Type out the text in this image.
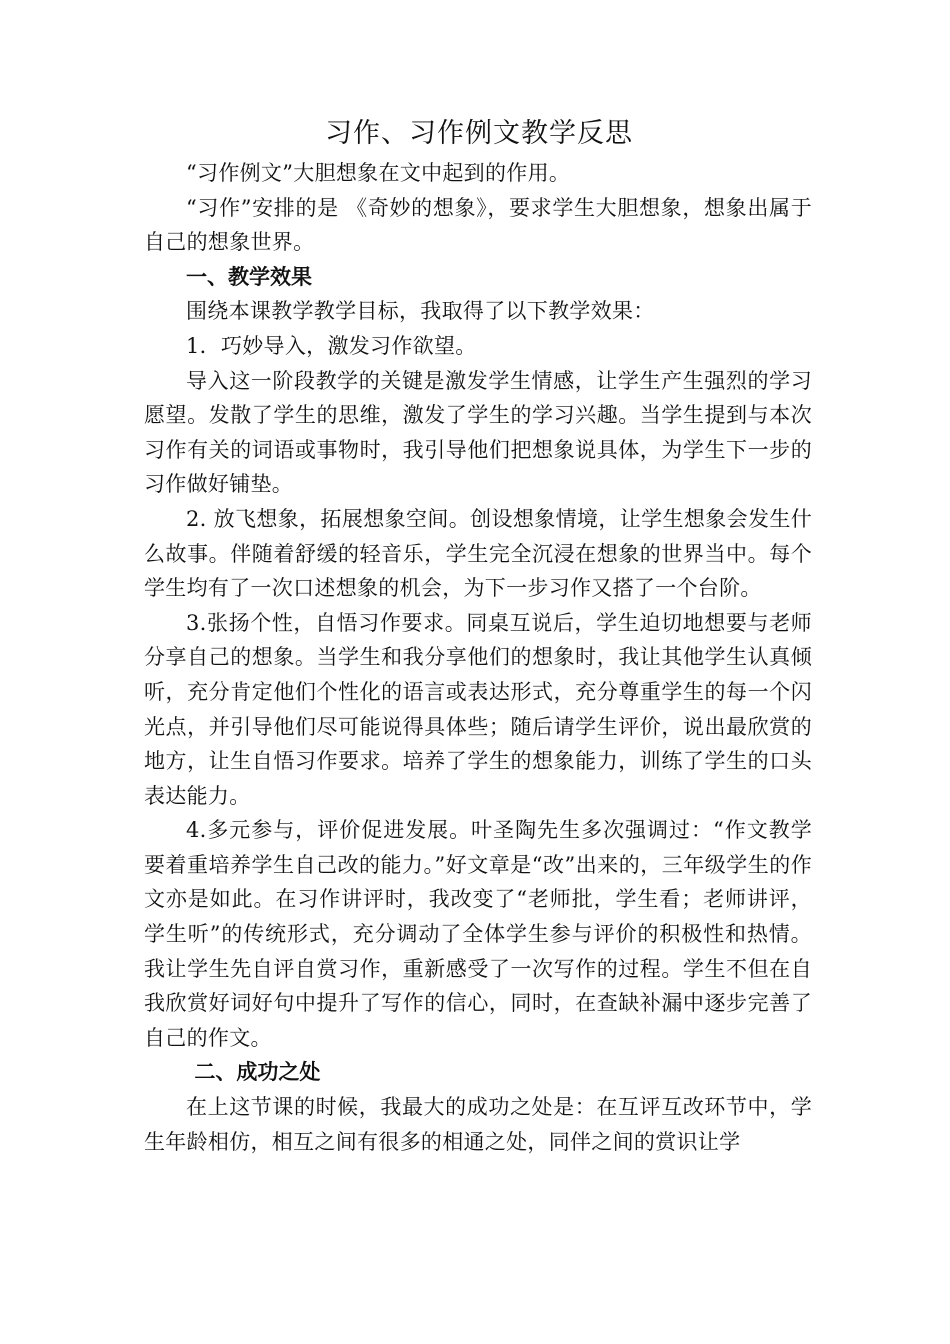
习作、习作例文教学反思

“习作例文”大胆想象在文中起到的作用。

“习作”安排的是 《奇妙的想象》，要求学生大胆想象，想象出属于自己的想象世界。

一、教学效果

围绕本课教学教学目标，我取得了以下教学效果：

1．巧妙导入，激发习作欲望。

导入这一阶段教学的关键是激发学生情感，让学生产生强烈的学习愿望。发散了学生的思维，激发了学生的学习兴趣。当学生提到与本次习作有关的词语或事物时，我引导他们把想象说具体，为学生下一步的习作做好铺垫。

2. 放飞想象，拓展想象空间。创设想象情境，让学生想象会发生什么故事。伴随着舒缓的轻音乐，学生完全沉浸在想象的世界当中。每个学生均有了一次口述想象的机会，为下一步习作又搭了一个台阶。

3.张扬个性，自悟习作要求。同桌互说后，学生迫切地想要与老师分享自己的想象。当学生和我分享他们的想象时，我让其他学生认真倾听，充分肯定他们个性化的语言或表达形式，充分尊重学生的每一个闪光点，并引导他们尽可能说得具体些；随后请学生评价，说出最欣赏的地方，让生自悟习作要求。培养了学生的想象能力，训练了学生的口头表达能力。

4.多元参与，评价促进发展。叶圣陶先生多次强调过：“作文教学要着重培养学生自己改的能力。”好文章是“改”出来的，三年级学生的作文亦是如此。在习作讲评时，我改变了“老师批，学生看；老师讲评，学生听”的传统形式，充分调动了全体学生参与评价的积极性和热情。我让学生先自评自赏习作，重新感受了一次写作的过程。学生不但在自我欣赏好词好句中提升了写作的信心，同时，在查缺补漏中逐步完善了自己的作文。

二、成功之处

在上这节课的时候，我最大的成功之处是：在互评互改环节中，学生年龄相仿，相互之间有很多的相通之处，同伴之间的赏识让学
